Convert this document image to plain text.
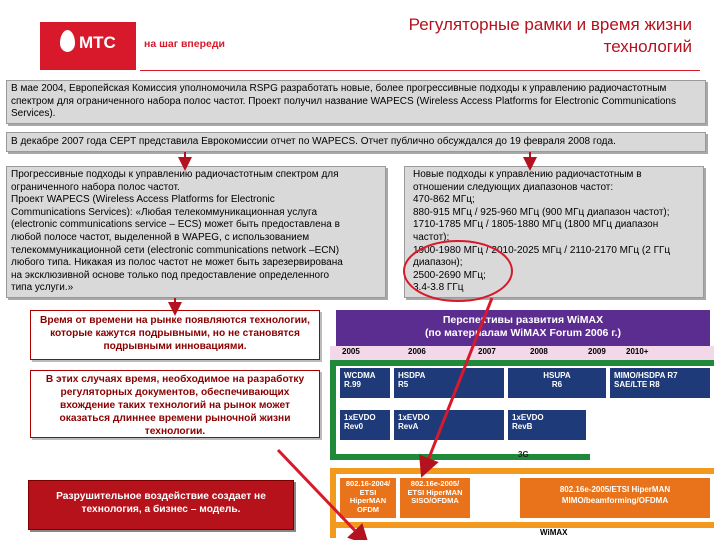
МТС	на шаг впереди
Регуляторные рамки и время жизни
технологий
В мае 2004, Европейская Комиссия уполномочила RSPG разработать новые, более прогрессивные подходы к управлению радиочастотным спектром для ограниченного набора полос частот. Проект получил название WAPECS (Wireless Access Platforms for Electronic Communications Services).
В декабре 2007 года CEPT представила Еврокомиссии отчет по WAPECS. Отчет публично обсуждался до 19 февраля 2008 года.
Прогрессивные подходы к управлению радиочастотным спектром для
ограниченного набора полос частот.
Проект WAPECS (Wireless Access Platforms for Electronic
Communications Services): «Любая телекоммуникационная услуга
(electronic communications service – ECS) может быть предоставлена в
любой полосе частот, выделенной в WAPEG, с использованием
телекоммуникационной сети (electronic communications network –ECN)
любого типа. Никакая из полос частот не может быть зарезервирована
на эксклюзивной основе только под предоставление определенного
типа услуги.»
Новые подходы к управлению радиочастотным в
отношении следующих диапазонов частот:
470-862 МГц;
880-915 МГц / 925-960 МГц (900 МГц диапазон частот);
1710-1785 МГц / 1805-1880 МГц (1800 МГц диапазон
частот);
1900-1980 МГц / 2010-2025 МГц / 2110-2170 МГц (2 ГГц
диапазон);
2500-2690 МГц;
3.4-3.8 ГГц
Время от времени на рынке появляются технологии, которые кажутся подрывными, но не становятся подрывными инновациями.
В этих случаях время, необходимое на разработку регуляторных документов, обеспечивающих вхождение таких технологий на рынок может оказаться длиннее времени рыночной жизни технологии.
Разрушительное воздействие создает не технология, а бизнес – модель.
Перспективы развития WiMAX
(по материалам WiMAX Forum 2006 г.)
2005	2006	2007	2008	2009	2010+
WCDMA
R.99
HSDPA
R5
HSUPA
R6
MIMO/HSDPA R7
SAE/LTE R8
1xEVDO
Rev0
1xEVDO
RevA
1xEVDO
RevB
3G
802.16-2004/
ETSI HiperMAN
OFDM
802.16e-2005/
ETSI HiperMAN
SISO/OFDMA
802.16e-2005/ETSI HiperMAN
MIMO/beamforming/OFDMA
WiMAX
